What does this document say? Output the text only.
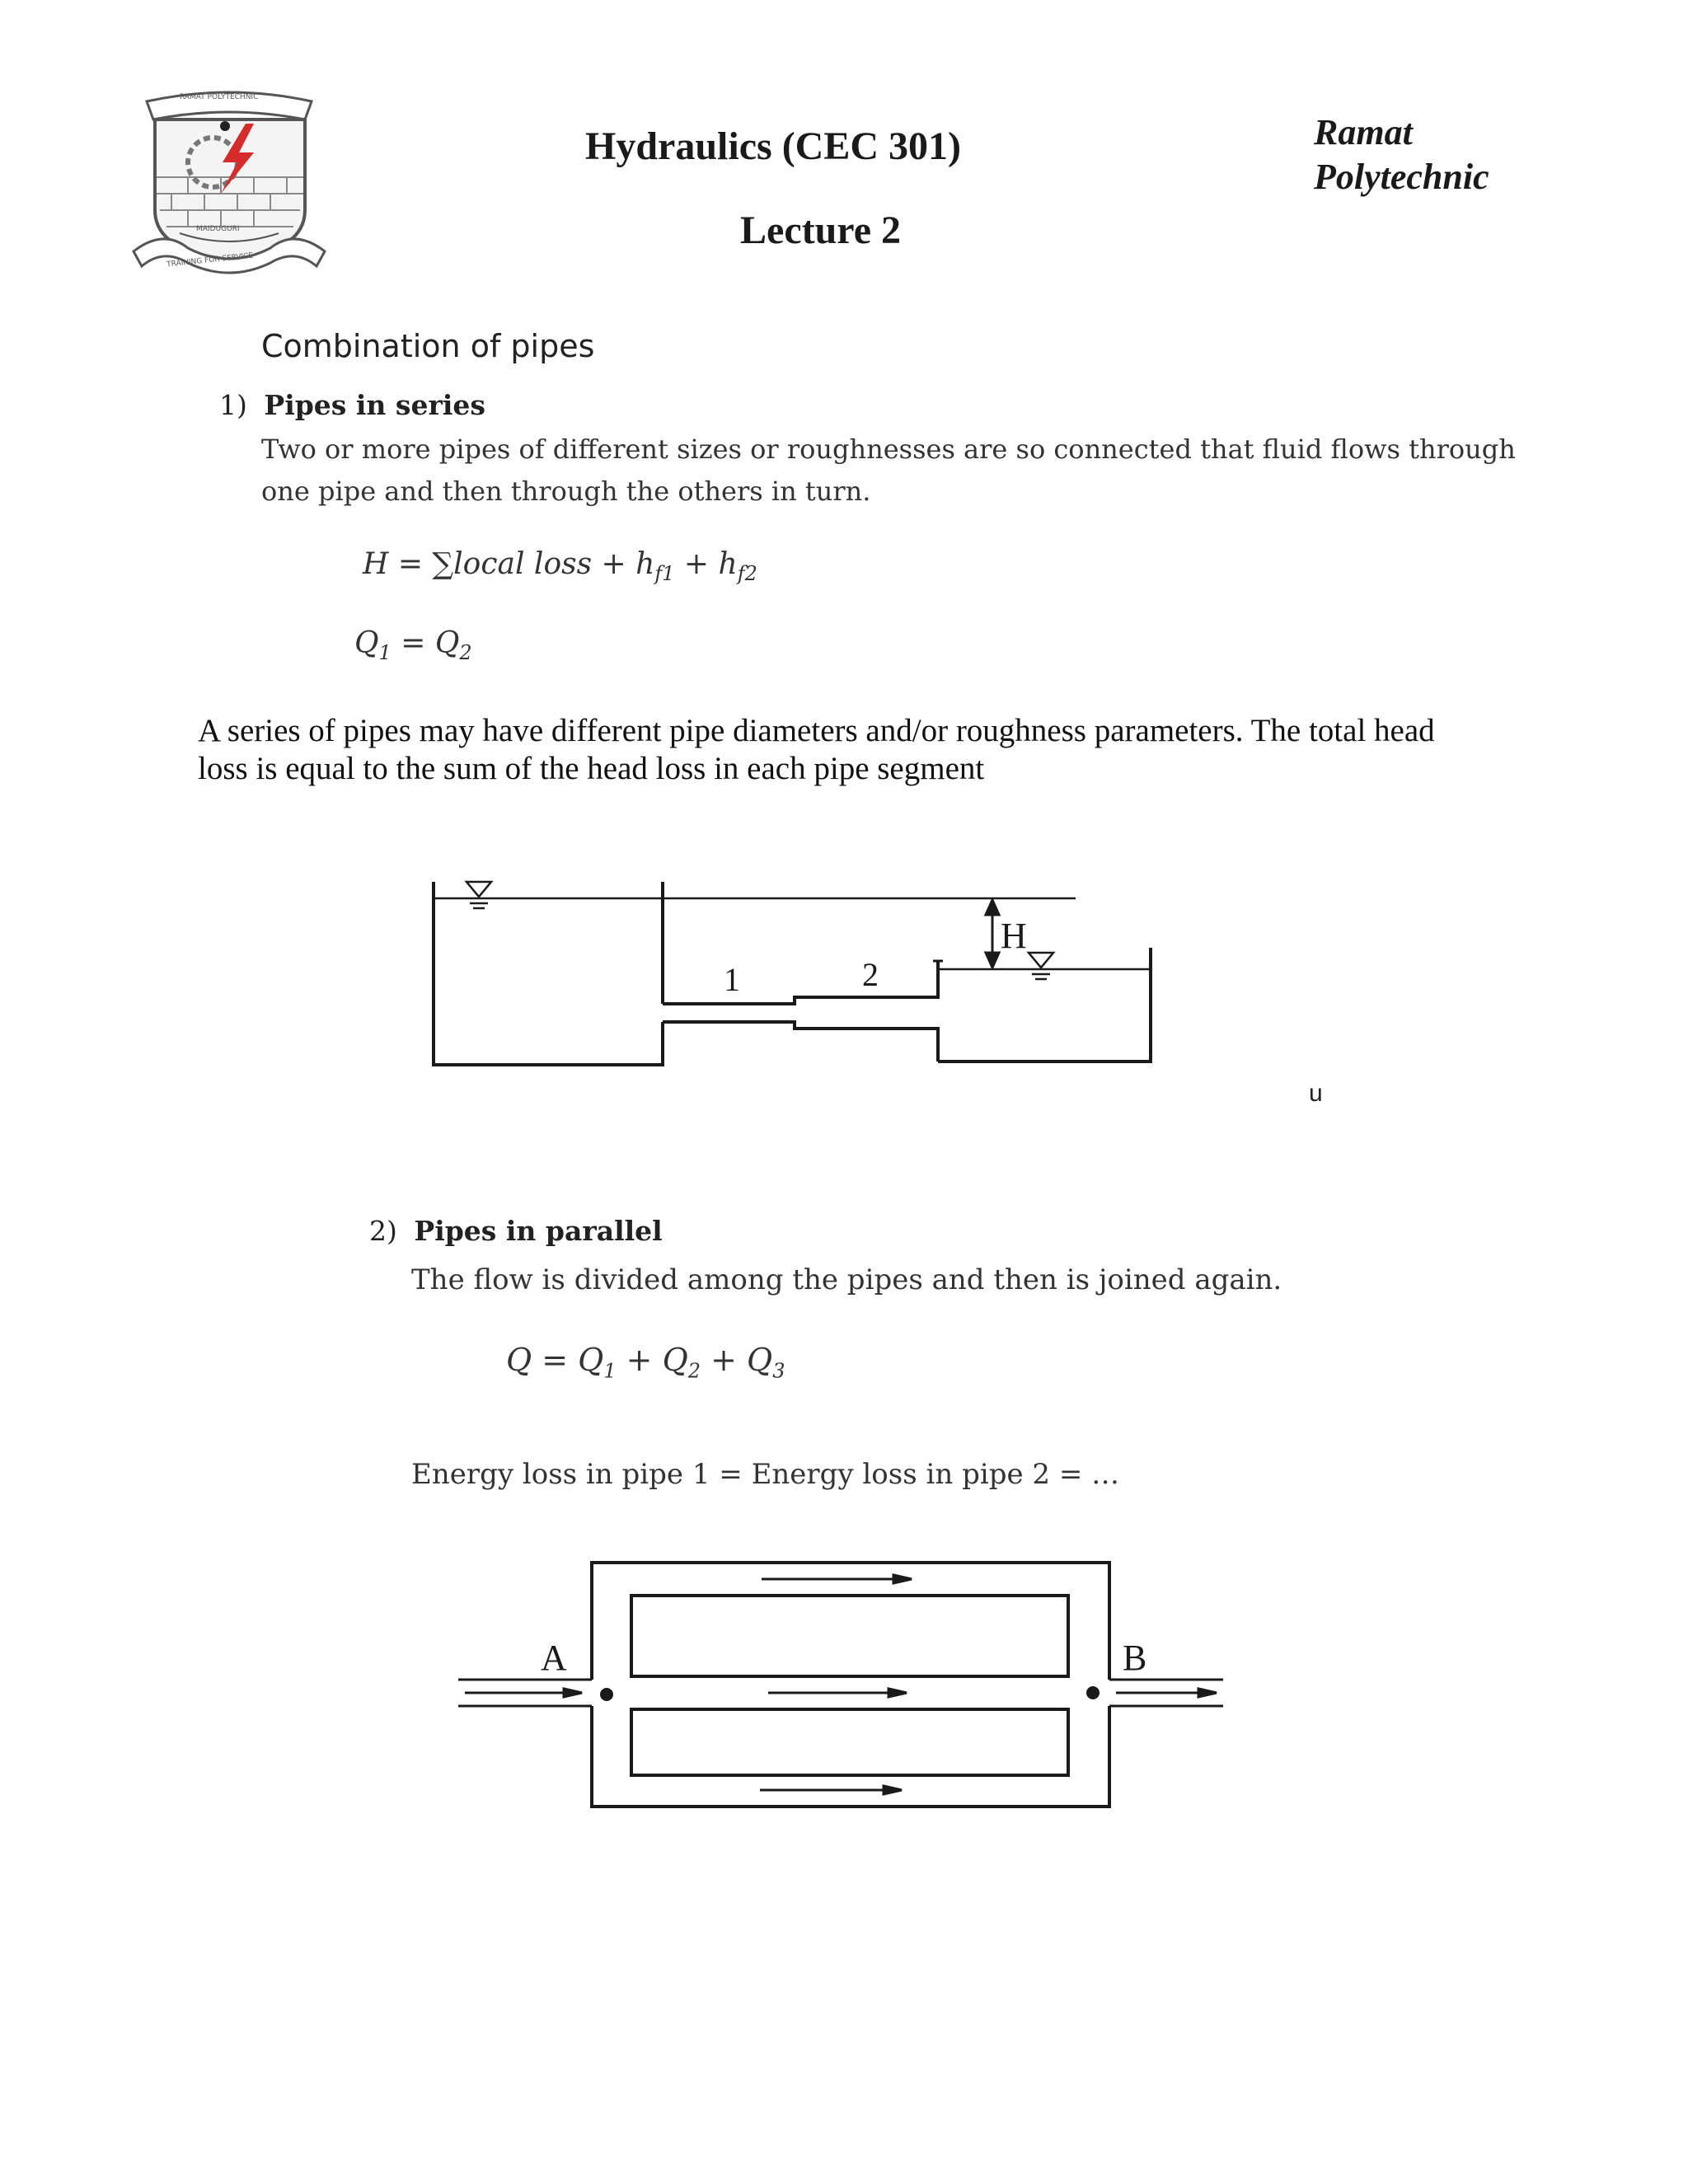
RAMAT POLYTECHNIC
MAIDUGURI
TRAINING FOR SERVICE
Hydraulics (CEC 301)
Lecture 2
Ramat
Polytechnic
Combination of pipes
1) Pipes in series
Two or more pipes of different sizes or roughnesses are so connected that fluid flows through
one pipe and then through the others in turn.
H = ∑local loss + $h_{f1} + h_{f2}$
$Q_1 = Q_2$
A series of pipes may have different pipe diameters and/or roughness parameters. The total head
loss is equal to the sum of the head loss in each pipe segment
H
1	2
u
2) Pipes in parallel
The flow is divided among the pipes and then is joined again.
$Q = Q_1 + Q_2 + Q_3$
Energy loss in pipe 1 = Energy loss in pipe 2 = …
A	B
